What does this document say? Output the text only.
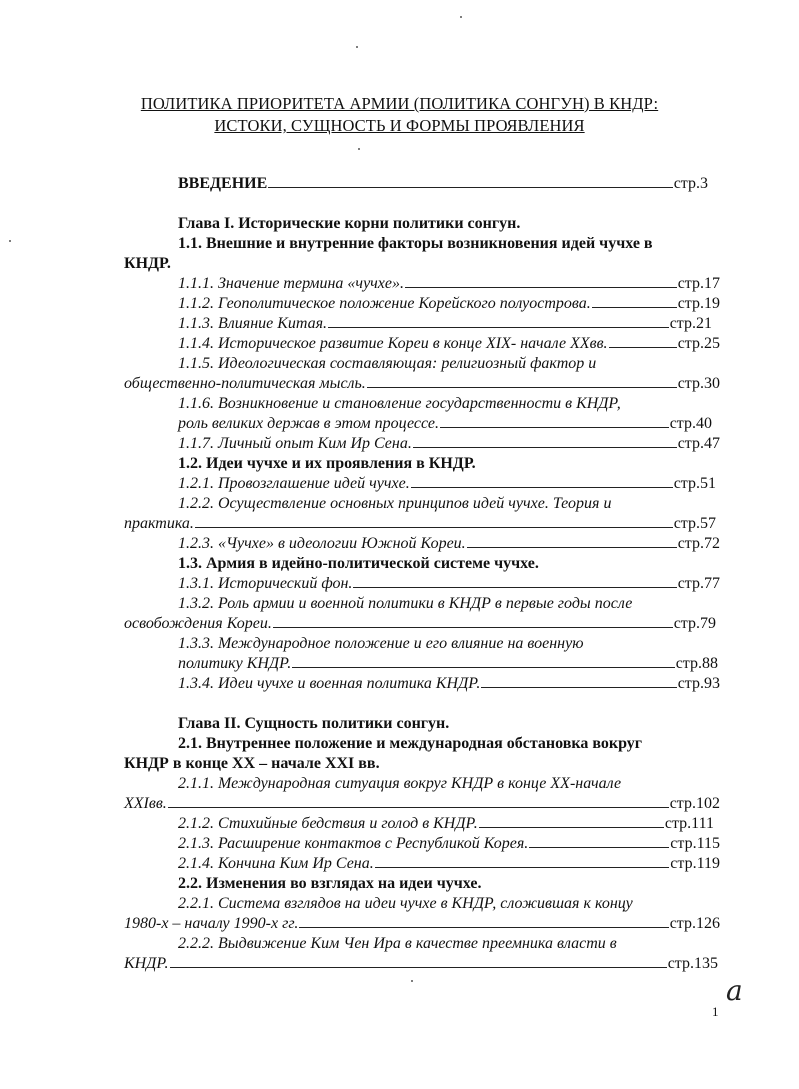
ПОЛИТИКА ПРИОРИТЕТА АРМИИ (ПОЛИТИКА СОНГУН) В КНДР:
ИСТОКИ, СУЩНОСТЬ И ФОРМЫ ПРОЯВЛЕНИЯ
ВВЕДЕНИЕ	стр.3
Глава I. Исторические корни политики сонгун.
1.1. Внешние и внутренние факторы возникновения идей чучхе в
КНДР.
1.1.1. Значение термина «чучхе».	стр.17
1.1.2. Геополитическое положение Корейского полуострова.	стр.19
1.1.3. Влияние Китая.	стр.21
1.1.4. Историческое развитие Кореи в конце XIX- начале XXвв.	стр.25
1.1.5. Идеологическая составляющая: религиозный фактор и
общественно-политическая мысль.	стр.30
1.1.6. Возникновение и становление государственности в КНДР,
роль великих держав в этом процессе.	стр.40
1.1.7. Личный опыт Ким Ир Сена.	стр.47
1.2. Идеи чучхе и их проявления в КНДР.
1.2.1. Провозглашение идей чучхе.	стр.51
1.2.2. Осуществление основных принципов идей чучхе. Теория и
практика.	стр.57
1.2.3. «Чучхе» в идеологии Южной Кореи.	стр.72
1.3. Армия в идейно-политической системе чучхе.
1.3.1. Исторический фон.	стр.77
1.3.2. Роль армии и военной политики в КНДР в первые годы после
освобождения Кореи.	стр.79
1.3.3. Международное положение и его влияние на военную
политику КНДР.	стр.88
1.3.4. Идеи чучхе и военная политика КНДР.	стр.93
Глава II. Сущность политики сонгун.
2.1. Внутреннее положение и международная обстановка вокруг
КНДР в конце XX – начале XXI вв.
2.1.1. Международная ситуация вокруг КНДР в конце XX-начале
XXIвв.	стр.102
2.1.2. Стихийные бедствия и голод в КНДР.	стр.111
2.1.3. Расширение контактов с Республикой Корея.	стр.115
2.1.4. Кончина Ким Ир Сена.	стр.119
2.2. Изменения во взглядах на идеи чучхе.
2.2.1. Система взглядов на идеи чучхе в КНДР, сложившая к концу
1980-х – началу 1990-х гг.	стр.126
2.2.2. Выдвижение Ким Чен Ира в качестве преемника власти в
КНДР.	стр.135
a
1
